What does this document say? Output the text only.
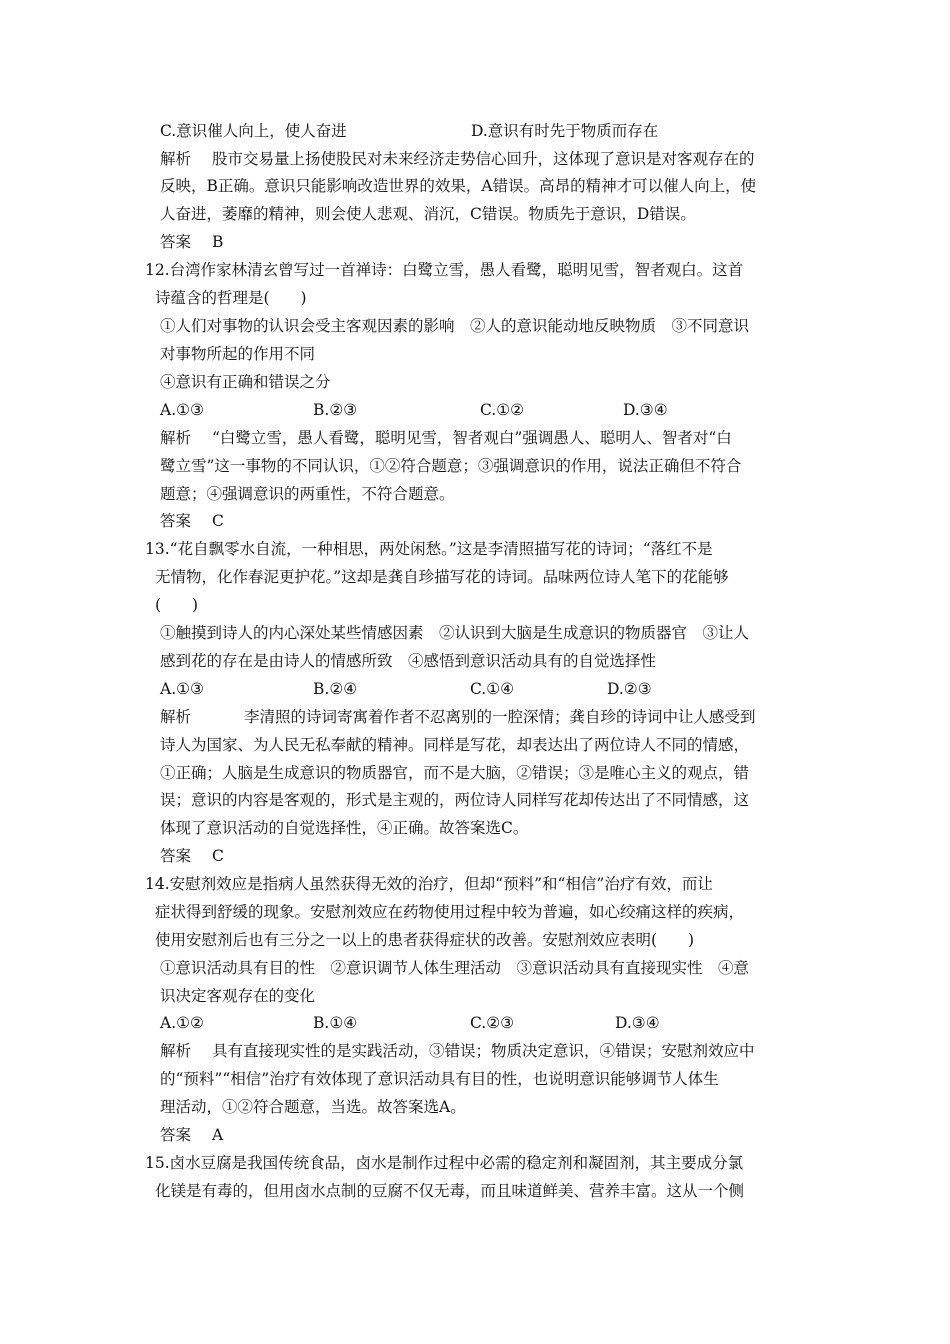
C.意识催人向上，使人奋进	D.意识有时先于物质而存在
解析 股市交易量上扬使股民对未来经济走势信心回升，这体现了意识是对客观存在的
反映，B正确。意识只能影响改造世界的效果，A错误。高昂的精神才可以催人向上，使
人奋进，萎靡的精神，则会使人悲观、消沉，C错误。物质先于意识，D错误。
答案 B
12.台湾作家林清玄曾写过一首禅诗：白鹭立雪，愚人看鹭，聪明见雪，智者观白。这首
诗蕴含的哲理是(　　)
①人们对事物的认识会受主客观因素的影响　②人的意识能动地反映物质　③不同意识
对事物所起的作用不同
④意识有正确和错误之分
A.①③	B.②③	C.①②	D.③④
解析 “白鹭立雪，愚人看鹭，聪明见雪，智者观白”强调愚人、聪明人、智者对“白
鹭立雪”这一事物的不同认识，①②符合题意；③强调意识的作用，说法正确但不符合
题意；④强调意识的两重性，不符合题意。
答案 C
13.“花自飘零水自流，一种相思，两处闲愁。”这是李清照描写花的诗词；“落红不是
无情物，化作春泥更护花。”这却是龚自珍描写花的诗词。品味两位诗人笔下的花能够
(　　)
①触摸到诗人的内心深处某些情感因素　②认识到大脑是生成意识的物质器官　③让人
感到花的存在是由诗人的情感所致　④感悟到意识活动具有的自觉选择性
A.①③	B.②④	C.①④	D.②③
解析	李清照的诗词寄寓着作者不忍离别的一腔深情；龚自珍的诗词中让人感受到
诗人为国家、为人民无私奉献的精神。同样是写花，却表达出了两位诗人不同的情感，
①正确；人脑是生成意识的物质器官，而不是大脑，②错误；③是唯心主义的观点，错
误；意识的内容是客观的，形式是主观的，两位诗人同样写花却传达出了不同情感，这
体现了意识活动的自觉选择性，④正确。故答案选C。
答案 C
14.安慰剂效应是指病人虽然获得无效的治疗，但却“预料”和“相信”治疗有效，而让
症状得到舒缓的现象。安慰剂效应在药物使用过程中较为普遍，如心绞痛这样的疾病，
使用安慰剂后也有三分之一以上的患者获得症状的改善。安慰剂效应表明(　　)
①意识活动具有目的性　②意识调节人体生理活动　③意识活动具有直接现实性　④意
识决定客观存在的变化
A.①②	B.①④	C.②③	D.③④
解析 具有直接现实性的是实践活动，③错误；物质决定意识，④错误；安慰剂效应中
的“预料”“相信”治疗有效体现了意识活动具有目的性，也说明意识能够调节人体生
理活动，①②符合题意，当选。故答案选A。
答案 A
15.卤水豆腐是我国传统食品，卤水是制作过程中必需的稳定剂和凝固剂，其主要成分氯
化镁是有毒的，但用卤水点制的豆腐不仅无毒，而且味道鲜美、营养丰富。这从一个侧
